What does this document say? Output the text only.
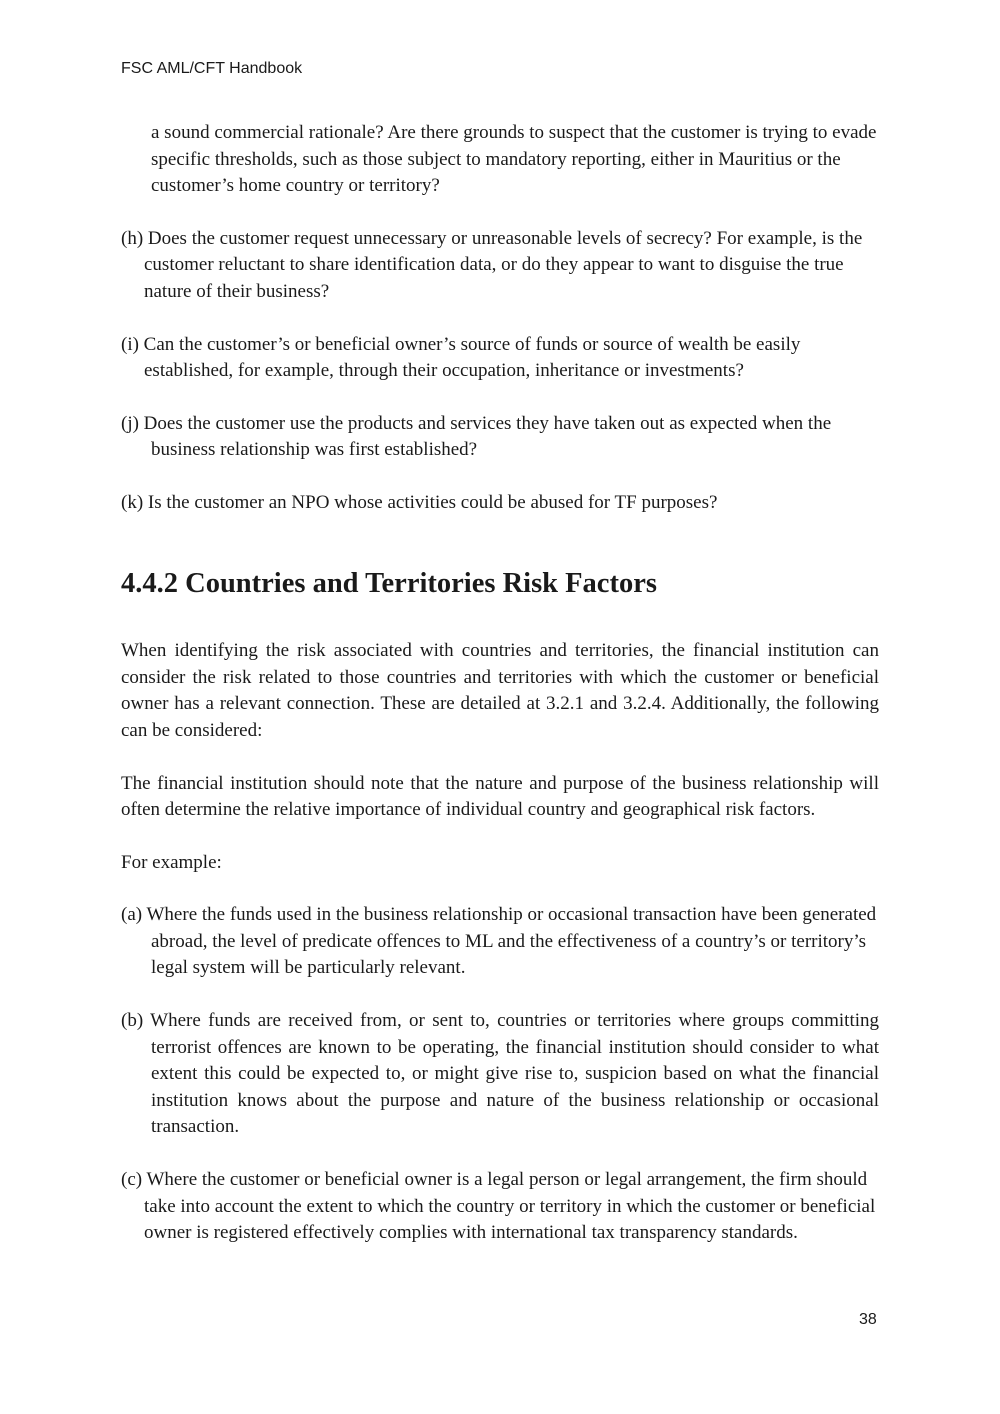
FSC AML/CFT Handbook

a sound commercial rationale? Are there grounds to suspect that the customer is trying to evade specific thresholds, such as those subject to mandatory reporting, either in Mauritius or the customer’s home country or territory?

(h) Does the customer request unnecessary or unreasonable levels of secrecy? For example, is the customer reluctant to share identification data, or do they appear to want to disguise the true nature of their business?

(i) Can the customer’s or beneficial owner’s source of funds or source of wealth be easily established, for example, through their occupation, inheritance or investments?

(j) Does the customer use the products and services they have taken out as expected when the business relationship was first established?

(k) Is the customer an NPO whose activities could be abused for TF purposes?

4.4.2 Countries and Territories Risk Factors

When identifying the risk associated with countries and territories, the financial institution can consider the risk related to those countries and territories with which the customer or beneficial owner has a relevant connection. These are detailed at 3.2.1 and 3.2.4. Additionally, the following can be considered:

The financial institution should note that the nature and purpose of the business relationship will often determine the relative importance of individual country and geographical risk factors.

For example:

(a) Where the funds used in the business relationship or occasional transaction have been generated abroad, the level of predicate offences to ML and the effectiveness of a country’s or territory’s legal system will be particularly relevant.

(b) Where funds are received from, or sent to, countries or territories where groups committing terrorist offences are known to be operating, the financial institution should consider to what extent this could be expected to, or might give rise to, suspicion based on what the financial institution knows about the purpose and nature of the business relationship or occasional transaction.

(c) Where the customer or beneficial owner is a legal person or legal arrangement, the firm should take into account the extent to which the country or territory in which the customer or beneficial owner is registered effectively complies with international tax transparency standards.

38
